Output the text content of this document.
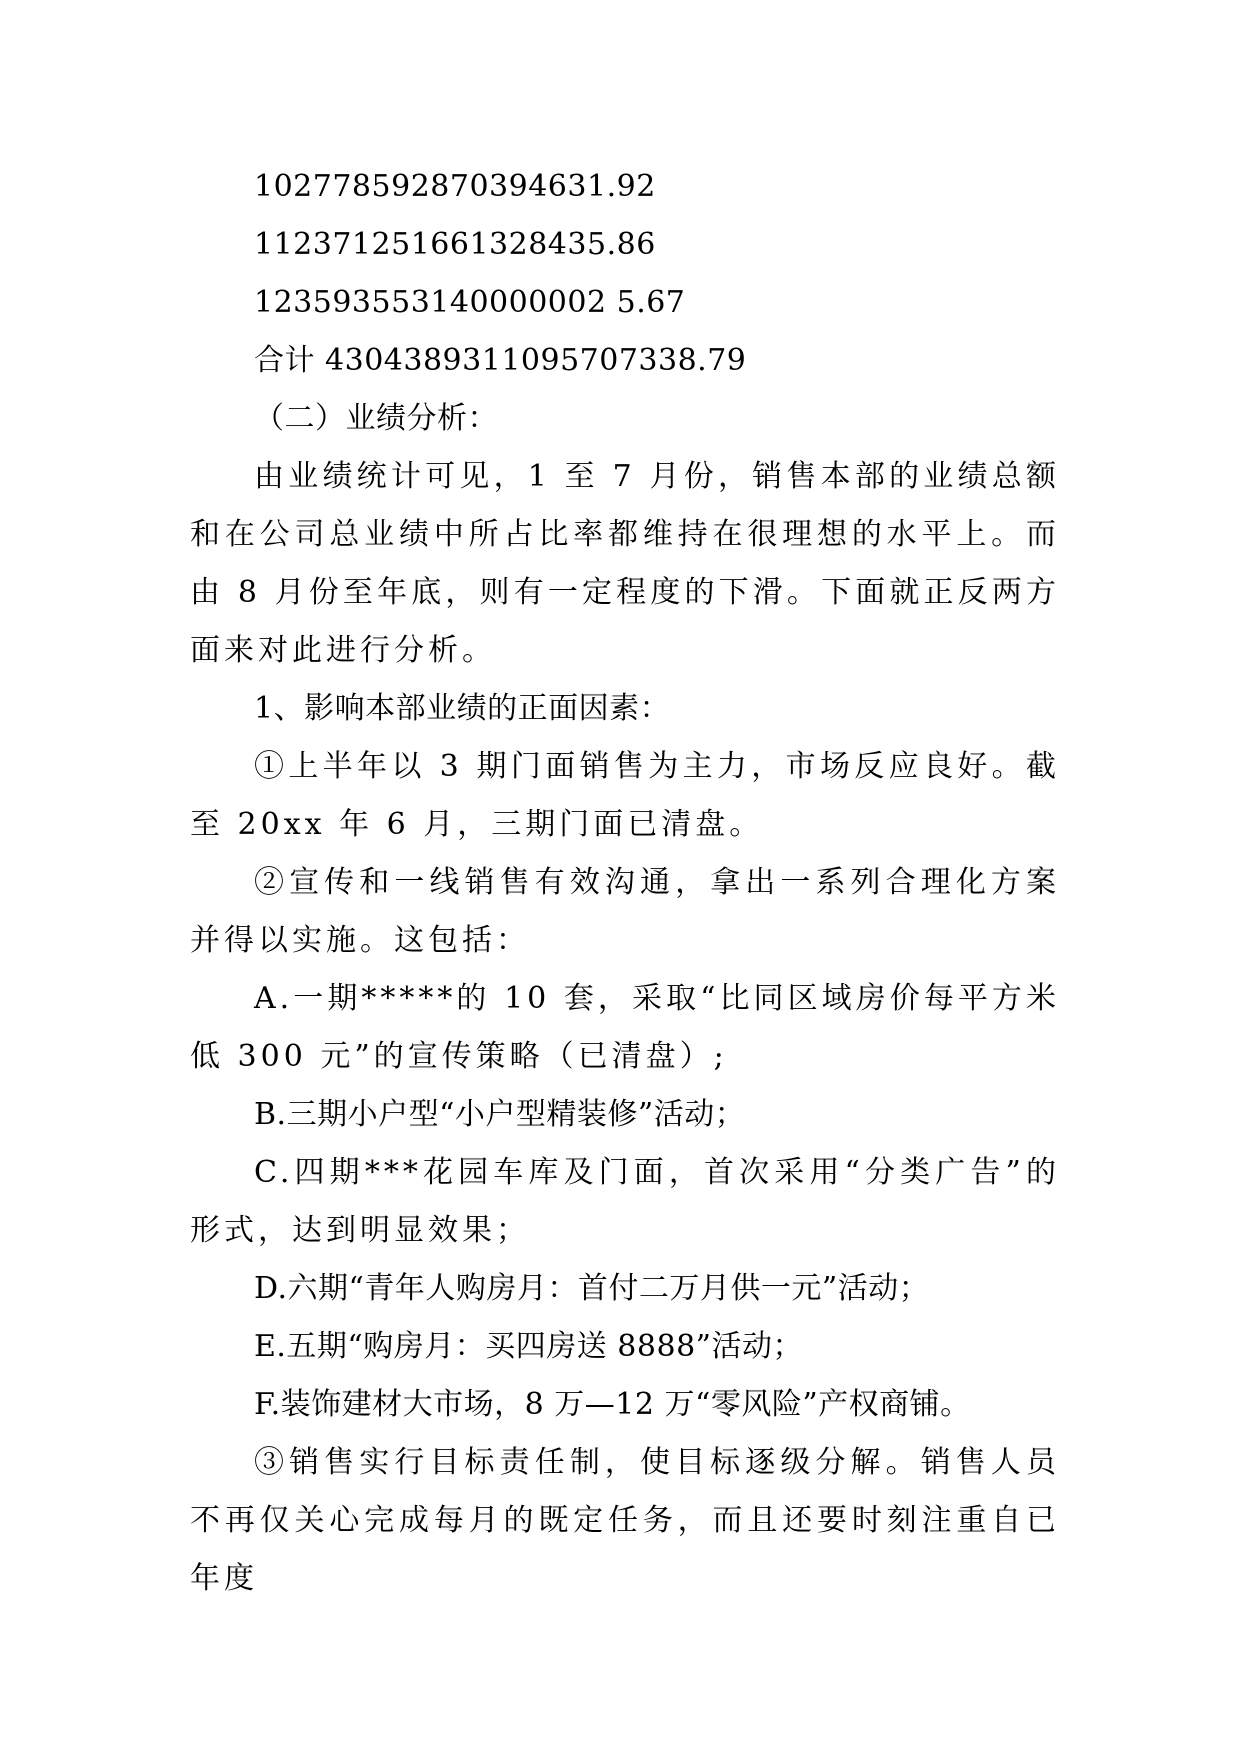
102778592870394631.92
112371251661328435.86
123593553140000002 5.67
合计 4304389311095707338.79
（二）业绩分析：

由业绩统计可见，1 至 7 月份，销售本部的业绩总额和在公司总业绩中所占比率都维持在很理想的水平上。而由 8 月份至年底，则有一定程度的下滑。下面就正反两方面来对此进行分析。

1、影响本部业绩的正面因素：

①上半年以 3 期门面销售为主力，市场反应良好。截至 20xx 年 6 月，三期门面已清盘。

②宣传和一线销售有效沟通，拿出一系列合理化方案并得以实施。这包括：

A.一期*****的 10 套，采取“比同区域房价每平方米低 300 元”的宣传策略（已清盘）;

B.三期小户型“小户型精装修”活动；

C.四期***花园车库及门面，首次采用“分类广告”的形式，达到明显效果；

D.六期“青年人购房月：首付二万月供一元”活动；
E.五期“购房月：买四房送 8888”活动；
F.装饰建材大市场，8 万—12 万“零风险”产权商铺。

③销售实行目标责任制，使目标逐级分解。销售人员不再仅关心完成每月的既定任务，而且还要时刻注重自已年度
